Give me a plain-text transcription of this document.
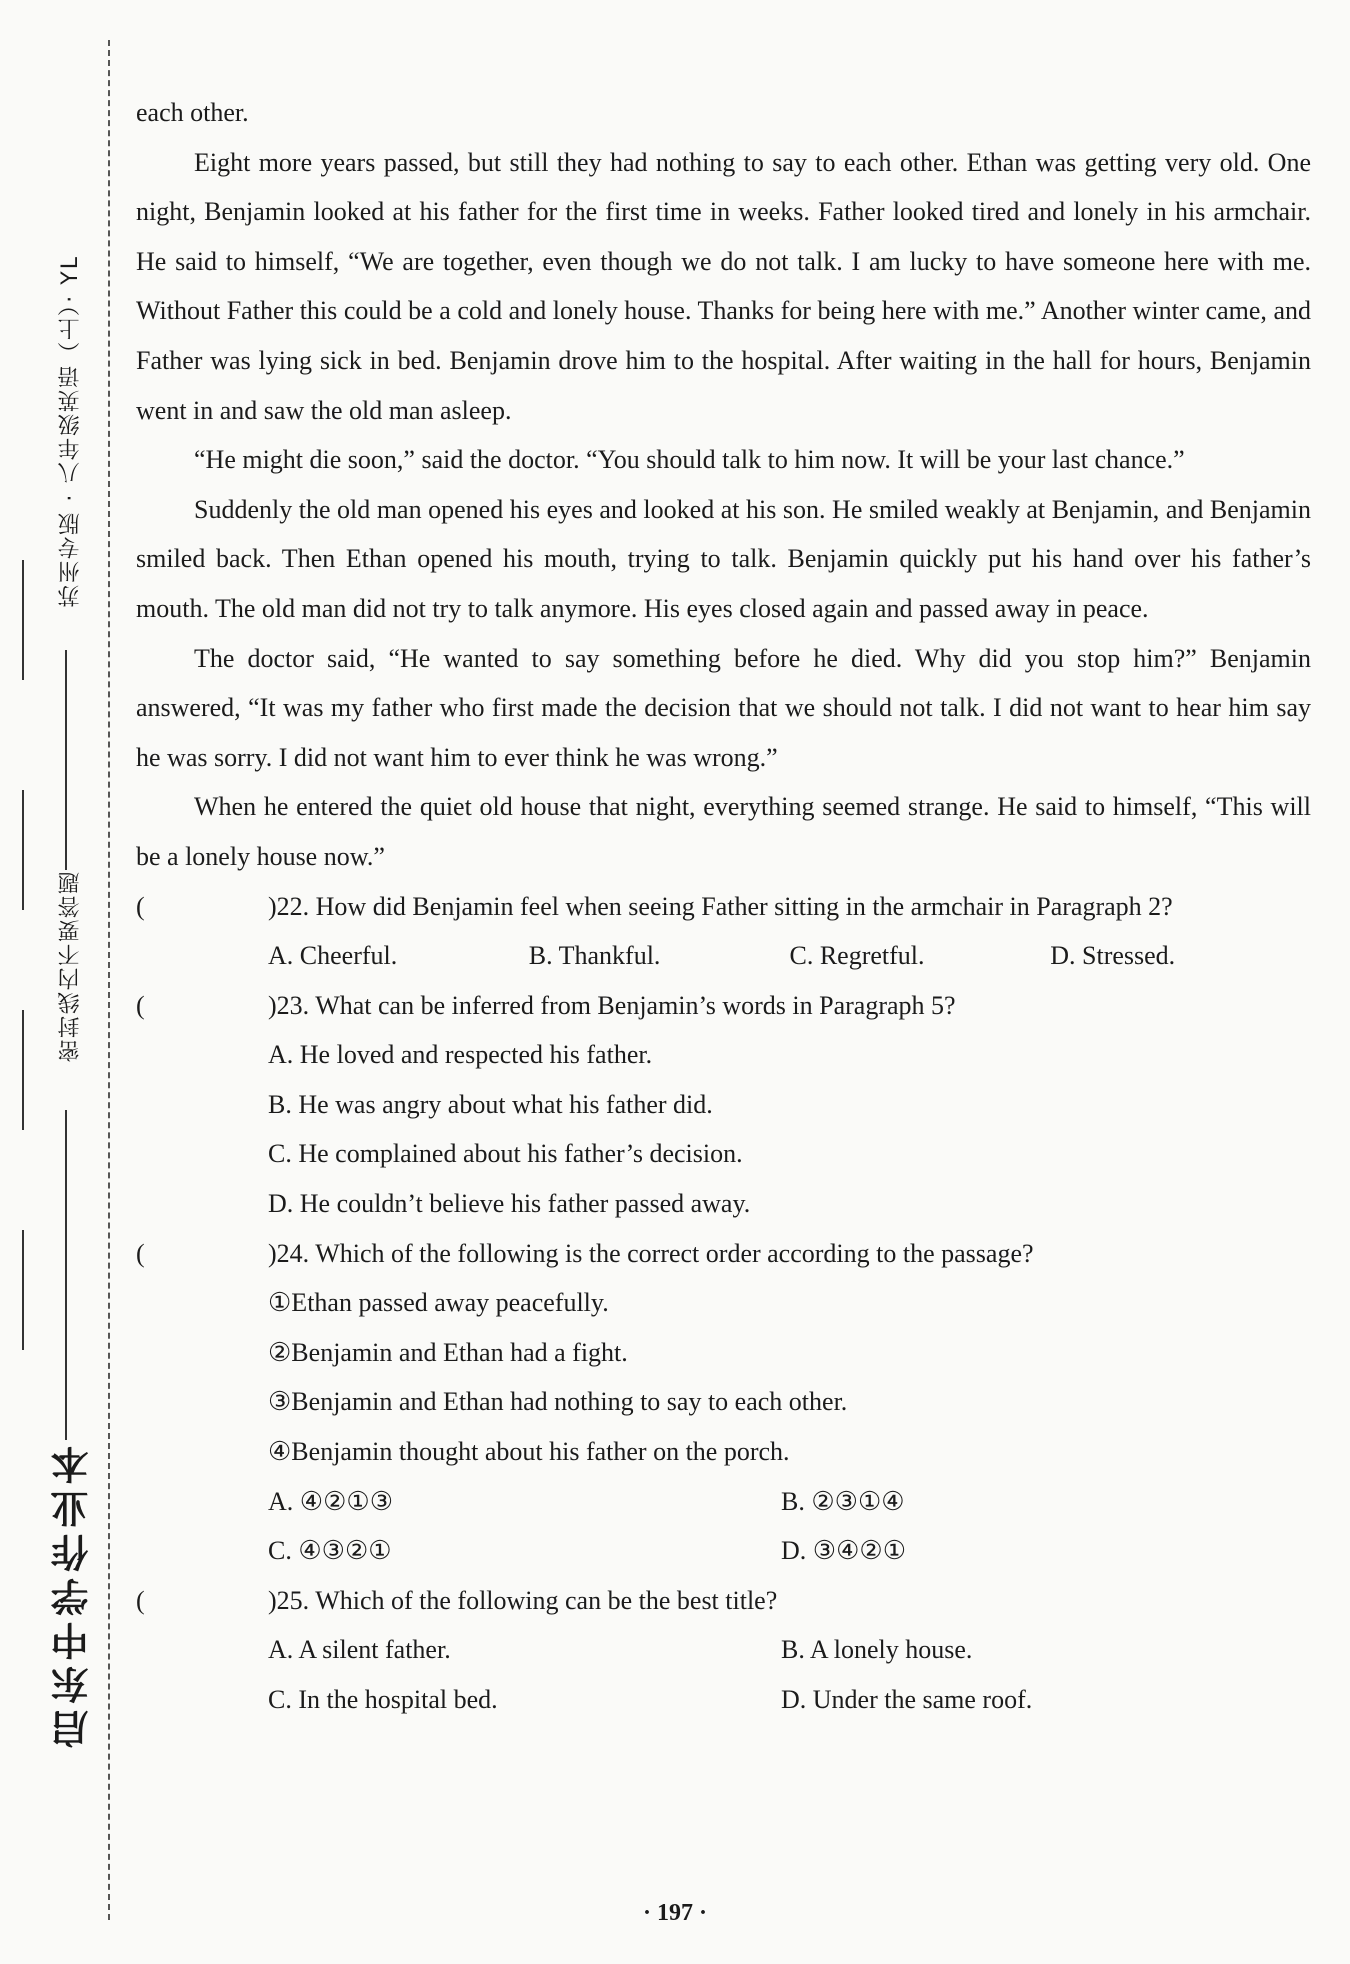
苏州专版 · 八年级英语（上）· YL
密封线内不要答题
启东中学作业本

each other.

Eight more years passed, but still they had nothing to say to each other. Ethan was getting very old. One night, Benjamin looked at his father for the first time in weeks. Father looked tired and lonely in his armchair. He said to himself, “We are together, even though we do not talk. I am lucky to have someone here with me. Without Father this could be a cold and lonely house. Thanks for being here with me.” Another winter came, and Father was lying sick in bed. Benjamin drove him to the hospital. After waiting in the hall for hours, Benjamin went in and saw the old man asleep.

“He might die soon,” said the doctor. “You should talk to him now. It will be your last chance.”

Suddenly the old man opened his eyes and looked at his son. He smiled weakly at Benjamin, and Benjamin smiled back. Then Ethan opened his mouth, trying to talk. Benjamin quickly put his hand over his father’s mouth. The old man did not try to talk anymore. His eyes closed again and passed away in peace.

The doctor said, “He wanted to say something before he died. Why did you stop him?” Benjamin answered, “It was my father who first made the decision that we should not talk. I did not want to hear him say he was sorry. I did not want him to ever think he was wrong.”

When he entered the quiet old house that night, everything seemed strange. He said to himself, “This will be a lonely house now.”

(	)22. How did Benjamin feel when seeing Father sitting in the armchair in Paragraph 2?
A. Cheerful.	B. Thankful.	C. Regretful.	D. Stressed.
(	)23. What can be inferred from Benjamin’s words in Paragraph 5?
A. He loved and respected his father.
B. He was angry about what his father did.
C. He complained about his father’s decision.
D. He couldn’t believe his father passed away.
(	)24. Which of the following is the correct order according to the passage?
①Ethan passed away peacefully.
②Benjamin and Ethan had a fight.
③Benjamin and Ethan had nothing to say to each other.
④Benjamin thought about his father on the porch.
A. ④②①③	B. ②③①④
C. ④③②①	D. ③④②①
(	)25. Which of the following can be the best title?
A. A silent father.	B. A lonely house.
C. In the hospital bed.	D. Under the same roof.
· 197 ·
